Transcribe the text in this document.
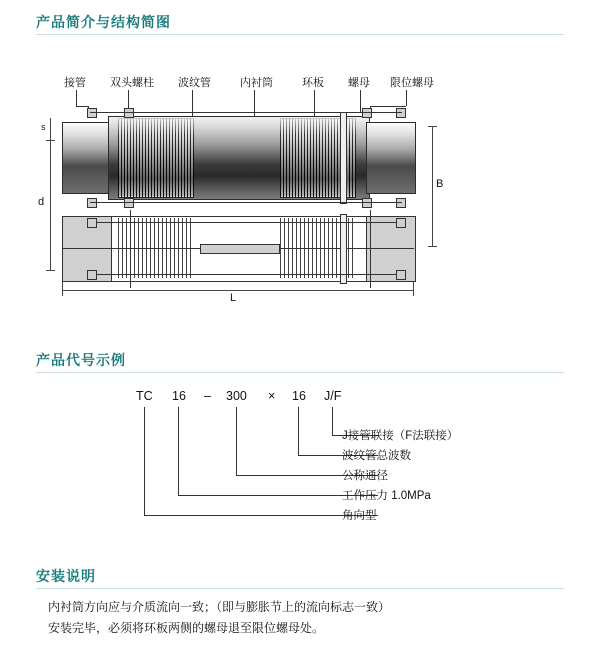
产品简介与结构简图
接管 双头螺柱 波纹管	内衬筒	环板 螺母 限位螺母
s
d
B
L
产品代号示例
TC 16 – 300 × 16 J/F
J接管联接（F法联接）
波纹管总波数
公称通径
工作压力 1.0MPa
角向型
安装说明
内衬筒方向应与介质流向一致；（即与膨胀节上的流向标志一致）
安装完毕，必须将环板两侧的螺母退至限位螺母处。
